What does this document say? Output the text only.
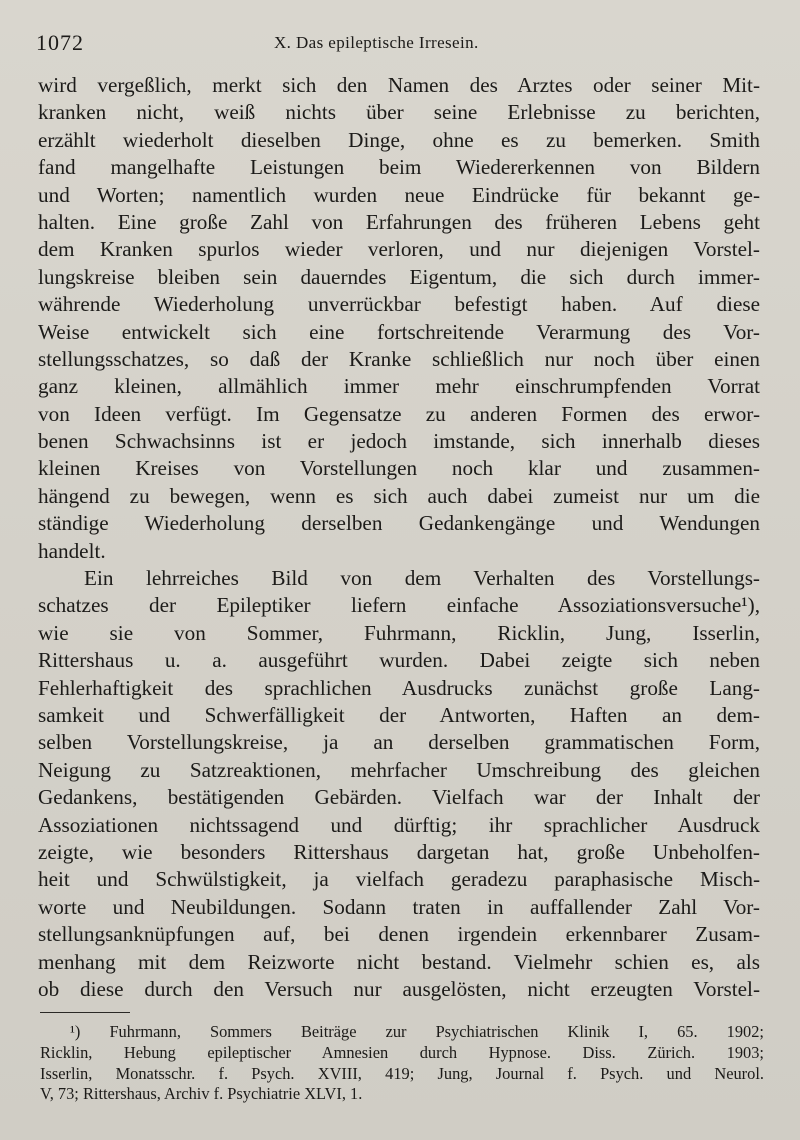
1072	X. Das epileptische Irresein.
wird vergeßlich, merkt sich den Namen des Arztes oder seiner Mit-
kranken nicht, weiß nichts über seine Erlebnisse zu berichten,
erzählt wiederholt dieselben Dinge, ohne es zu bemerken. Smith
fand mangelhafte Leistungen beim Wiedererkennen von Bildern
und Worten; namentlich wurden neue Eindrücke für bekannt ge-
halten. Eine große Zahl von Erfahrungen des früheren Lebens geht
dem Kranken spurlos wieder verloren, und nur diejenigen Vorstel-
lungskreise bleiben sein dauerndes Eigentum, die sich durch immer-
währende Wiederholung unverrückbar befestigt haben. Auf diese
Weise entwickelt sich eine fortschreitende Verarmung des Vor-
stellungsschatzes, so daß der Kranke schließlich nur noch über einen
ganz kleinen, allmählich immer mehr einschrumpfenden Vorrat
von Ideen verfügt. Im Gegensatze zu anderen Formen des erwor-
benen Schwachsinns ist er jedoch imstande, sich innerhalb dieses
kleinen Kreises von Vorstellungen noch klar und zusammen-
hängend zu bewegen, wenn es sich auch dabei zumeist nur um die
ständige Wiederholung derselben Gedankengänge und Wendungen
handelt.
Ein lehrreiches Bild von dem Verhalten des Vorstellungs-
schatzes der Epileptiker liefern einfache Assoziationsversuche¹),
wie sie von Sommer, Fuhrmann, Ricklin, Jung, Isserlin,
Rittershaus u. a. ausgeführt wurden. Dabei zeigte sich neben
Fehlerhaftigkeit des sprachlichen Ausdrucks zunächst große Lang-
samkeit und Schwerfälligkeit der Antworten, Haften an dem-
selben Vorstellungskreise, ja an derselben grammatischen Form,
Neigung zu Satzreaktionen, mehrfacher Umschreibung des gleichen
Gedankens, bestätigenden Gebärden. Vielfach war der Inhalt der
Assoziationen nichtssagend und dürftig; ihr sprachlicher Ausdruck
zeigte, wie besonders Rittershaus dargetan hat, große Unbeholfen-
heit und Schwülstigkeit, ja vielfach geradezu paraphasische Misch-
worte und Neubildungen. Sodann traten in auffallender Zahl Vor-
stellungsanknüpfungen auf, bei denen irgendein erkennbarer Zusam-
menhang mit dem Reizworte nicht bestand. Vielmehr schien es, als
ob diese durch den Versuch nur ausgelösten, nicht erzeugten Vorstel-
¹) Fuhrmann, Sommers Beiträge zur Psychiatrischen Klinik I, 65. 1902;
Ricklin, Hebung epileptischer Amnesien durch Hypnose. Diss. Zürich. 1903;
Isserlin, Monatsschr. f. Psych. XVIII, 419; Jung, Journal f. Psych. und Neurol.
V, 73; Rittershaus, Archiv f. Psychiatrie XLVI, 1.
